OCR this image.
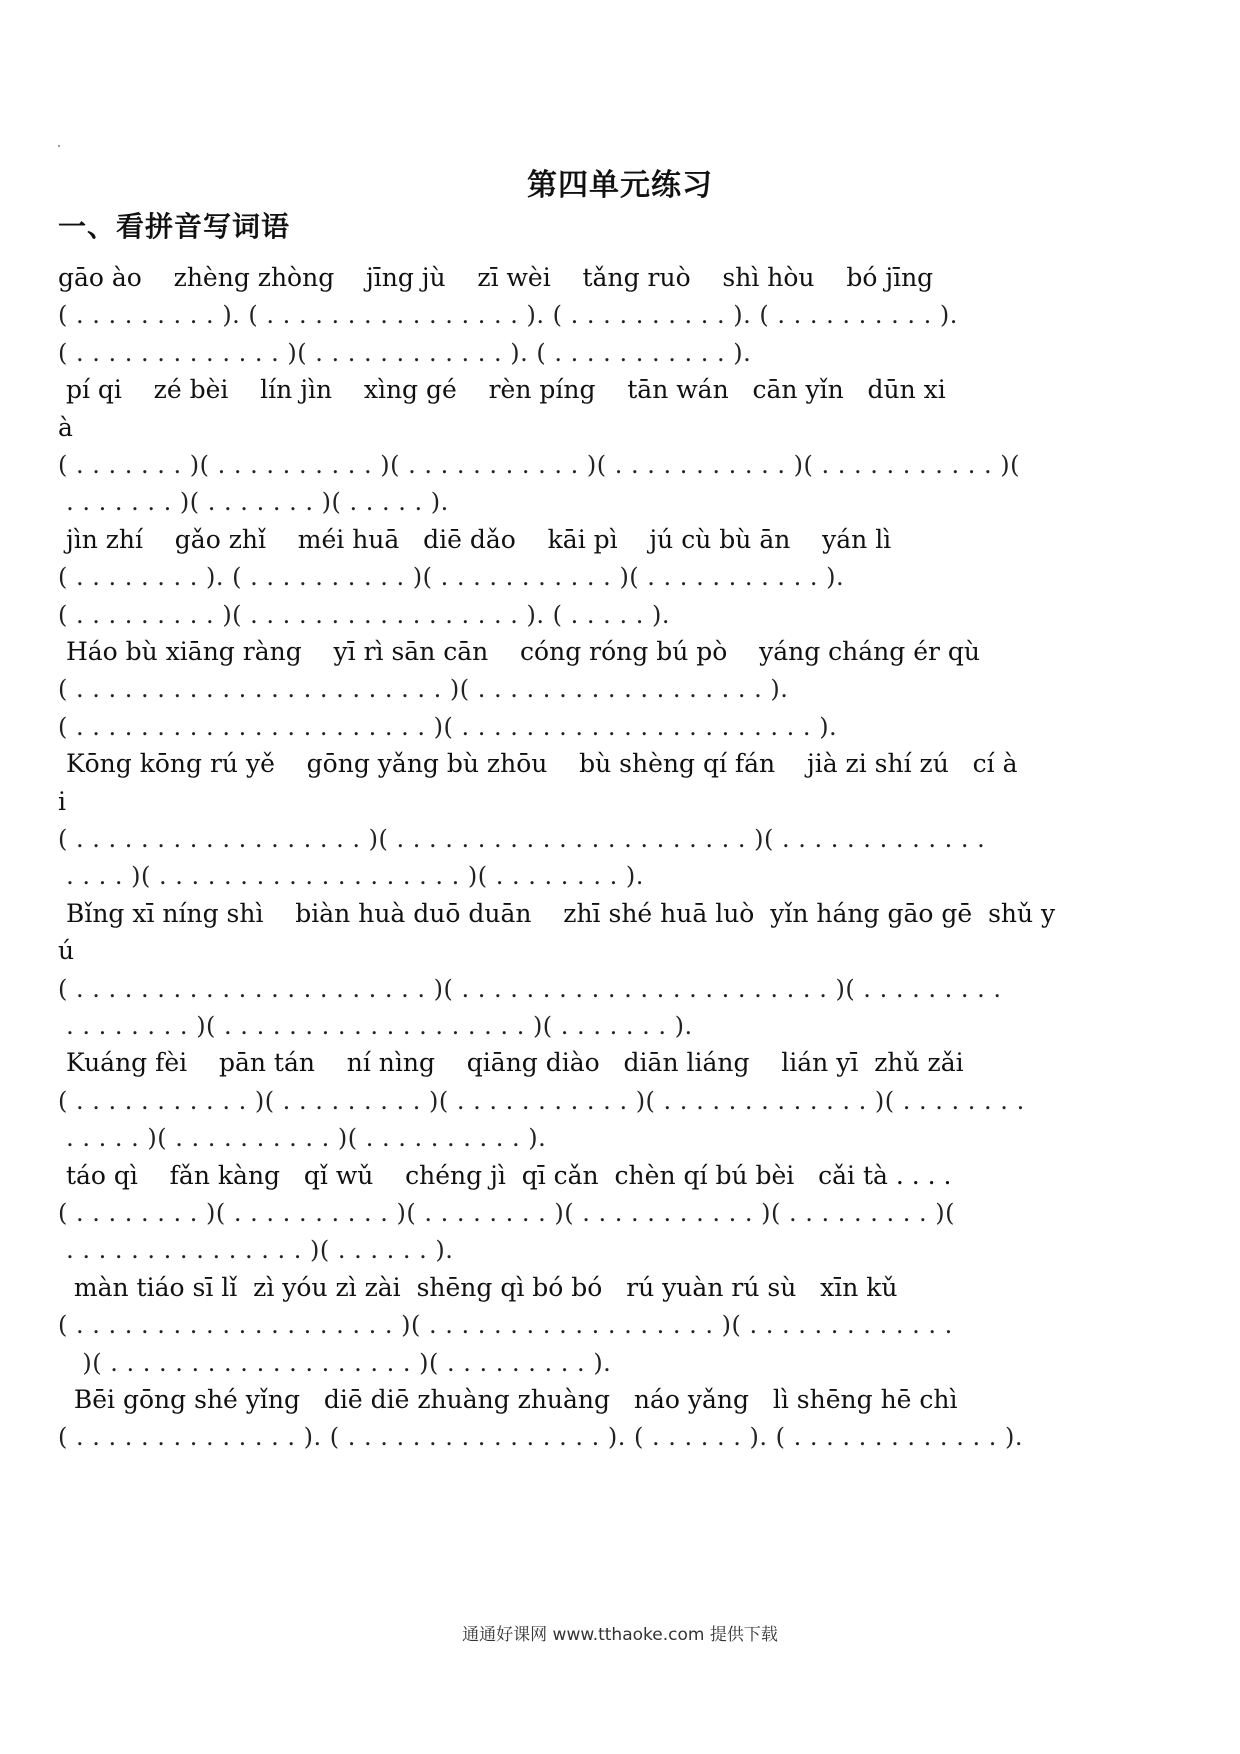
第四单元练习
一、看拼音写词语
gāo ào    zhèng zhòng    jīng jù    zī wèi    tǎng ruò    shì hòu    bó jīng
( . . . . . . . . . ). ( . . . . . . . . . . . . . . . . ). ( . . . . . . . . . . ). ( . . . . . . . . . . ).
( . . . . . . . . . . . . . )( . . . . . . . . . . . . ). ( . . . . . . . . . . . ).
pí qi    zé bèi    lín jìn    xìng gé    rèn píng    tān wán   cān yǐn   dūn xi
à
( . . . . . . . )( . . . . . . . . . . )( . . . . . . . . . . . )( . . . . . . . . . . . )( . . . . . . . . . . . )(
. . . . . . . )( . . . . . . . )( . . . . . ).
jìn zhí    gǎo zhǐ    méi huā   diē dǎo    kāi pì    jú cù bù ān    yán lì
( . . . . . . . . ). ( . . . . . . . . . . )( . . . . . . . . . . . )( . . . . . . . . . . . ).
( . . . . . . . . . )( . . . . . . . . . . . . . . . . . ). ( . . . . . ).
Háo bù xiāng ràng    yī rì sān cān    cóng róng bú pò    yáng cháng ér qù
( . . . . . . . . . . . . . . . . . . . . . . . )( . . . . . . . . . . . . . . . . . . ).
( . . . . . . . . . . . . . . . . . . . . . . )( . . . . . . . . . . . . . . . . . . . . . . ).
Kōng kōng rú yě    gōng yǎng bù zhōu    bù shèng qí fán    jià zi shí zú   cí à
i
( . . . . . . . . . . . . . . . . . . )( . . . . . . . . . . . . . . . . . . . . . . )( . . . . . . . . . . . . .
. . . . )( . . . . . . . . . . . . . . . . . . . )( . . . . . . . . ).
Bǐng xī níng shì    biàn huà duō duān    zhī shé huā luò  yǐn háng gāo gē  shǔ y
ú
( . . . . . . . . . . . . . . . . . . . . . . )( . . . . . . . . . . . . . . . . . . . . . . . )( . . . . . . . . .
. . . . . . . . )( . . . . . . . . . . . . . . . . . . . )( . . . . . . . ).
Kuáng fèi    pān tán    ní nìng    qiāng diào   diān liáng    lián yī  zhǔ zǎi
( . . . . . . . . . . . )( . . . . . . . . . )( . . . . . . . . . . . )( . . . . . . . . . . . . . )( . . . . . . . .
. . . . . )( . . . . . . . . . . )( . . . . . . . . . . ).
táo qì    fǎn kàng   qǐ wǔ    chéng jì  qī cǎn  chèn qí bú bèi   cǎi tà . . . .
( . . . . . . . . )( . . . . . . . . . . )( . . . . . . . . )( . . . . . . . . . . . )( . . . . . . . . . )(
. . . . . . . . . . . . . . . )( . . . . . . ).
màn tiáo sī lǐ  zì yóu zì zài  shēng qì bó bó   rú yuàn rú sù   xīn kǔ
( . . . . . . . . . . . . . . . . . . . . )( . . . . . . . . . . . . . . . . . . )( . . . . . . . . . . . . .
)( . . . . . . . . . . . . . . . . . . . )( . . . . . . . . . ).
Bēi gōng shé yǐng   diē diē zhuàng zhuàng   náo yǎng   lì shēng hē chì
( . . . . . . . . . . . . . . ). ( . . . . . . . . . . . . . . . . ). ( . . . . . . ). ( . . . . . . . . . . . . . ).
通通好课网 www.tthaoke.com 提供下载
